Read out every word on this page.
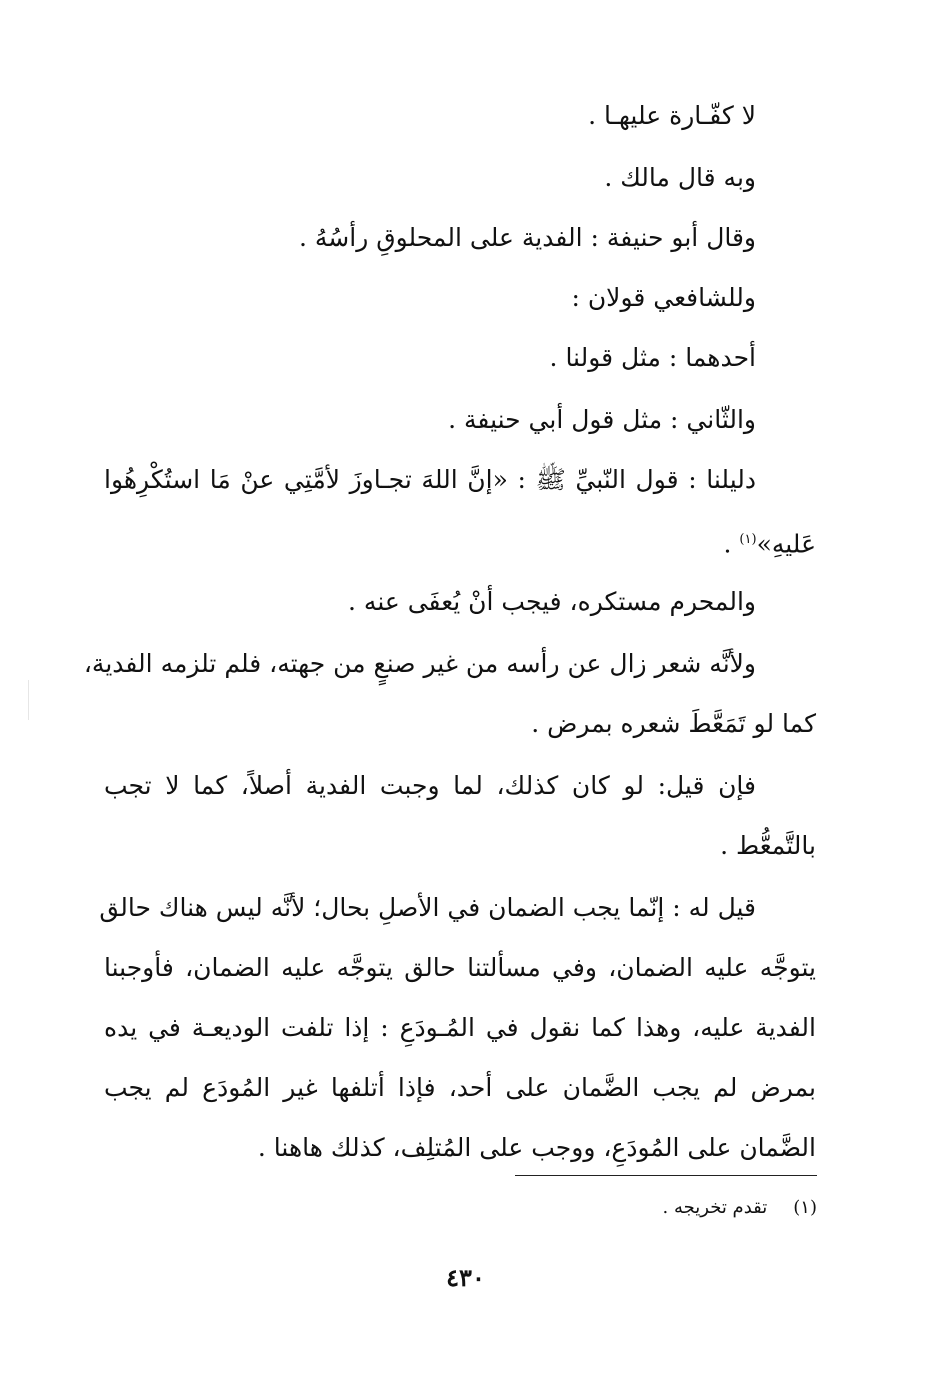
لا كفّـارة عليهـا .
وبه قال مالك .
وقال أبو حنيفة : الفدية على المحلوقِ رأسُهُ .
وللشافعي قولان :
أحدهما : مثل قولنا .
والثّاني : مثل قول أبي حنيفة .
دليلنا : قول النّبيِّ ﷺ : «إنَّ اللهَ تجـاوزَ لأمَّتِي عنْ مَا استُكْرِهُوا
عَليهِ»$^{(١)}$ .
والمحرم مستكره، فيجب أنْ يُعفَى عنه .
ولأنَّه شعر زال عن رأسه من غير صنعٍ من جهته، فلم تلزمه الفدية،
كما لو تَمَعَّطَ شعره بمرض .
فإن قيل: لو كان كذلك، لما وجبت الفدية أصلاً، كما لا تجب
بالتَّمعُّط .
قيل له : إنّما يجب الضمان في الأصلِ بحال؛ لأنَّه ليس هناك حالق
يتوجَّه عليه الضمان، وفي مسألتنا حالق يتوجَّه عليه الضمان، فأوجبنا
الفدية عليه، وهذا كما نقول في المُـودَعِ : إذا تلفت الوديعـة في يده
بمرض لم يجب الضَّمان على أحد، فإذا أتلفها غير المُودَع لم يجب
الضَّمان على المُودَعِ، ووجب على المُتلِف، كذلك هاهنا .
(١)تقدم تخريجه .
٤٣٠
